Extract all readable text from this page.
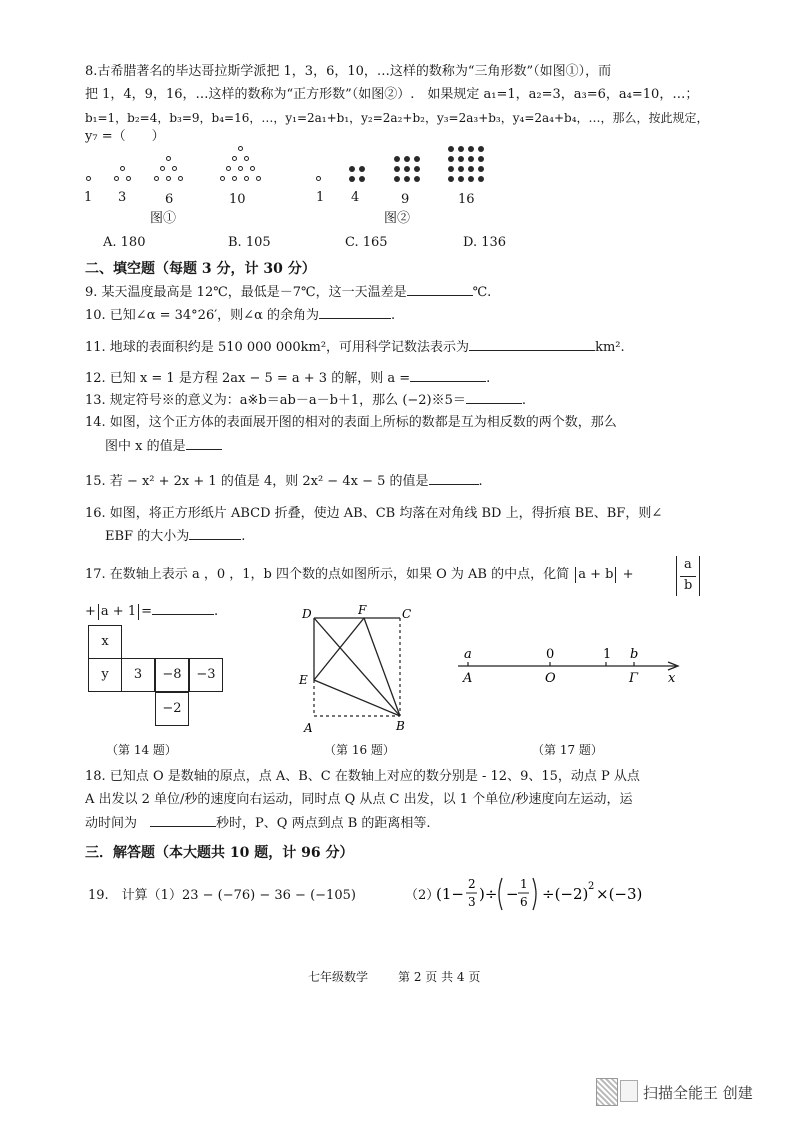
8.古希腊著名的毕达哥拉斯学派把 1，3，6，10，…这样的数称为“三角形数”（如图①），而
把 1，4，9，16，…这样的数称为“正方形数”（如图②）.　如果规定 a₁=1，a₂=3，a₃=6，a₄=10，…；
b₁=1，b₂=4，b₃=9，b₄=16，…，y₁=2a₁+b₁，y₂=2a₂+b₂，y₃=2a₃+b₃，y₄=2a₄+b₄，…，那么，按此规定，
y₇ =（　　）
1 3	6	10
图①
1 4	9	16
图②
A. 180	B. 105	C. 165	D. 136
二、填空题（每题 3 分，计 30 分）
9. 某天温度最高是 12℃，最低是－7℃，这一天温差是	℃.
10. 已知∠α = 34°26′，则∠α 的余角为	.
11. 地球的表面积约是 510 000 000km²，可用科学记数法表示为	km².
12. 已知 x = 1 是方程 2ax − 5 = a + 3 的解，则 a =	.
13. 规定符号※的意义为：a※b＝ab－a－b＋1，那么 (−2)※5＝	.
14. 如图，这个正方体的表面展开图的相对的表面上所标的数都是互为相反数的两个数，那么
图中 x 的值是
15. 若 − x² + 2x + 1 的值是 4，则 2x² − 4x − 5 的值是	.
16. 如图，将正方形纸片 ABCD 折叠，使边 AB、CB 均落在对角线 BD 上，得折痕 BE、BF，则∠
EBF 的大小为	.
17. 在数轴上表示 a ，0 ，1，b 四个数的点如图所示，如果 O 为 AB 的中点，化简 a + b +
a
b
+ a + 1 =	.
x
y	3	−8	−3
−2
（第 14 题）
D	F	C
E
A	B
（第 16 题）
a	0	1 b
A	O	Γ x
（第 17 题）
18. 已知点 O 是数轴的原点，点 A、B、C 在数轴上对应的数分别是 - 12、9、15，动点 P 从点
A 出发以 2 单位/秒的速度向右运动，同时点 Q 从点 C 出发，以 1 个单位/秒速度向左运动，运
动时间为　	秒时，P、Q 两点到点 B 的距离相等.
三．解答题（本大题共 10 题，计 96 分）
19.　计算（1）23 − (−76) − 36 − (−105)	（2）
(1−
2
3 )÷ −
1
6 ÷(−2) 2 ×(−3)
七年级数学 第 2 页 共 4 页
扫描全能王 创建
